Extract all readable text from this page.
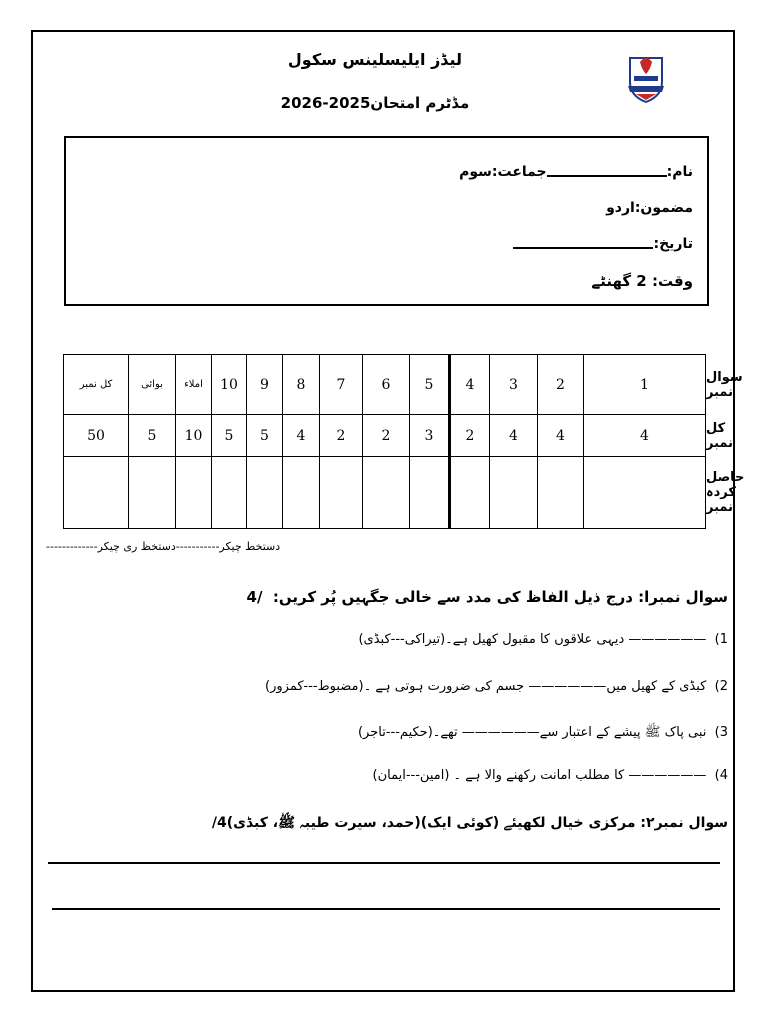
لیڈز ایلیسلینس سکول
مڈٹرم امتحان2025-2026
نام:جماعت:سوم
مضمون:اردو
تاریخ:
وقت: 2 گھنٹے
کل نمبر	بوائی	املاء	10	9	8	7	6	5	4	3	2	1	سوال نمبر
50	5	10	5	5	4	2	2	3	2	4	4	4	کل نمبر
													حاصل کردہ نمبر
دستخط چیکر-----------دستخظ ری چیکر-------------
سوال نمبرا: درج ذیل الفاظ کی مدد سے خالی جگہیں پُر کریں:  /4
1)  —————— دیہی علاقوں کا مقبول کھیل ہے۔(تیراکی---کبڈی)
2)  کبڈی کے کھیل میں—————— جسم کی ضرورت ہوتی ہے ۔(مضبوط---کمزور)
3)  نبی پاک ﷺ پیشے کے اعتبار سے—————— تھے۔(حکیم---تاجر)
4)  —————— کا مطلب امانت رکھنے والا ہے ۔ (امین---ایمان)
سوال نمبر۲: مرکزی خیال لکھیئے (کوئی ایک)(حمد، سیرت طیبہ ﷺ، کبڈی)4/
